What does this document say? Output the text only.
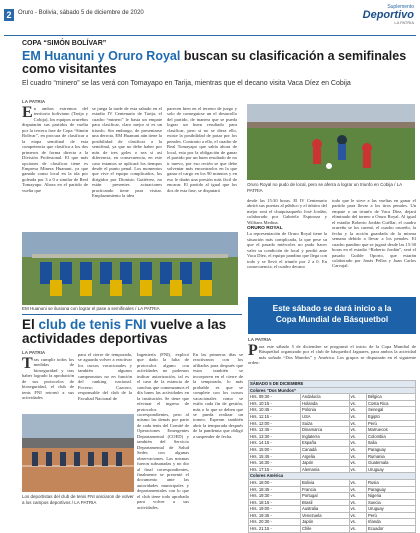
2	Oruro - Bolivia, sábado 5 de diciembre de 2020
Suplemento
Deportivo
LA PATRIA
COPA “SIMÓN BOLÍVAR”
EM Huanuni y Oruro Royal buscan su clasificación a semifinales como visitantes
El cuadro “minero” se las verá con Tomayapo en Tarija, mientras que el decano visita Vaca Díez en Cobija
LA PATRIA
En ambos extremos del territorio boliviano (Tarija y Cobija), los equipos orureños disputarán sus partidos de vuelta por la tercera fase de Copa “Simón Bolívar”, en procura de clasificar a la etapa semifinal de esta competencia que clasifica a los dos primeros de forma directa a la División Profesional. El que más opciones de clasificar tiene es Empresa Minera Huanuni, ya que ganado como local en la ida por goleada por 3 a 0 a similar de Real Tomayapo. Ahora en el partido de vuelta que
se juega la tarde de esta sabado en el estadio IV Centenario de Tarija, el cuadro “minero” le basta un empate para clasificar, claro mejor si es un triunfo. Sin embargo, de presentarse una derrota, EM Huanuni aún tiene la posibilidad de clasificar a la semifinal, ya que no debe haber por más de tres goles o sea si así diferencia, en consecuencia, en este caso estamos se aplicará los tiempos desde el punto penal. Los momentos que vive el equipo complicados, los dirigidos por Dionisio Gutiérrez, no están presentes actuaciones practicando tiene para visitar. Emplazamiento la idea
parecen bien en el terreno de juego y solo de conseguirse un el desarrollo del partido, de manera que se pueda lograr un buen resultado para clasificar, pero si no se diera ello, existe la posibilidad de pasar por los penales. Contrario a ello, el cuadro de Real Tomayapo que sabía ahora de local, esta por la obligación de ganar el partido por un buen resultado de no ir nuevo, por eso recién se que debe solventar más encontrarlos en la que ganar el cargo en los 90 minutos y en eso le darán una presión más fácil de encarar. El partido al igual que los dos de esta fase, se disputará
Oruro Royal no pudo de local, pero se aferra a lograr un triunfo en Cobija / LA PATRIA
desde las 15:30 horas. El IV Centenario abrirá sus puertas al público y el árbitro del mejor será el chuquisaqueño José Jordán, colaborado por Gabriela Espinoza y Willians Medina.
ORURO ROYAL
La representación de Oruro Royal tiene la situación más complicada, la que pese su que el pasado miércoles no pudo hacer valer su condición de local y perdió ante Vaca Díez, el equipo pandino que llega con todo y se llevó el triunfo por 2 a 0. En consecuencia, el cuadro decano
todo que le sirve a las vueltas en ganar el partido para llevar a los tiros penales. Un empate o un triunfo de Vaca Díez, dejará eliminado del torneo a Oruro Royal. Al igual el estadio Roberto Jordán Cuéllar, el cuadro orureño se los carenó, el cuadro orureño, la fecha y la acción guardada de la misma semana debido a llevar a los penales. El cuadro pandino que se jugará desde las 15:30 horas en el estadio “Roberto Jordán”, será el pasado Guilde Oporto, que estarán colaborado por Jonás Pellas y Juan Carlos Carvajal.
EM Huanuni se ilusiona con lograr el pase a semifinales / LA PATRIA
El club de tenis FNI vuelve a las actividades deportivas
LA PATRIA
Tras cumplir todos los medidas de bioseguridad y tras haber logrado la aprobación de sus protocolos de bioseguridad, el club de tenis FNI retornó a sus actividades
para el cierre de temporada, se aguarda volver a reactivar los cursos vacacionales y también algunos campeonatos no en función del ranking nacional. Pocerso Cazorro, responsable del club de la Facultad Nacional de
Ingeniería (FNI), explicó que dado la falta de protocolos alguno con actividades no podemos indicar autorización, tal es el caso de la estancia de canchas que comenzamos el día lunes las actividades en la institución. Se tiene que efectuar el ingreso de protocolos correspondientes, pero al mismo las demás por parte de cada tenis del Comité de Operaciones Emergentes Departamental (COED) y también del Servicio Departamental de Salud Sedes con algunas observaciones. Las mismas fueron subsanadas y no dio al final correspondientes, finalmente se presentó el documento ante las autoridades municipales y departamentales con lo que el club tiene todo aprobado para volver a sus actividades.
En las primeras días se reactivaron con los afiliados para después que estos también se incorporen en el cierre de la temporada, lo más probable es que se complete con los cursos vacacionales como se estila cada fin de gestión, más o lo que se deben que se pueda realizar un torneo. Esperan también abrir la temporada después de la pandemia que obligó a suspender de fecha.
Los deportistas del club de tenis FNI aniciaron de volver a los campos deportivos / LA PATRIA
Este sábado se dará inicio a la
Copa Mundial de Básquetbol
LA PATRIA
Para este sábado 5 de diciembre se programó el inicio de la Copa Mundial de Básquetbol organizado por el club de básquetbol Jaguares, para ambos la actividad más soñado “Dos Mundos” y América. Los grupos se disputarán en el siguiente orden:
SÁBADO 5 DE DICIEMBRE			
Colores “Dos Mundos”			
Hrs. 09:30 -	Andalucía	vs.	Bélgica
Hrs. 10:15 -	Holanda	vs.	Costa Rica
Hrs. 10:45 -	Polonia	vs.	Senegal
Hrs. 11:15 -	USA	vs.	Egipto
Hrs. 12:00 -	Suiza	vs.	Perú
Hrs. 12:45 -	Dinamarca	vs.	Marruecos
Hrs. 13:30 -	Inglaterra	vs.	Colombia
Hrs. 14:15 -	España	vs.	Italia
Hrs. 15:00 -	Canadá	vs.	Paraguay
Hrs. 15:45 -	Argelia	vs.	Rumania
Hrs. 16:30 -	Japón	vs.	Guatemala
Hrs. 17:15 -	Alemania	vs.	Uruguay
Colores América			
Hrs. 18:00 -	Bolivia	vs.	Rusia
Hrs. 18:45 -	Francia	vs.	Paraguay
Hrs. 19:30 -	Portugal	vs.	Nigeria
Hrs. 18:15 -	Brasil	vs.	Suecia
Hrs. 19:00 -	Australia	vs.	Uruguay
Hrs. 19:45 -	Venezuela	vs.	Perú
Hrs. 20:30 -	Japón	vs.	Irlanda
Hrs. 21:15 -	Chile	vs.	Ecuador
